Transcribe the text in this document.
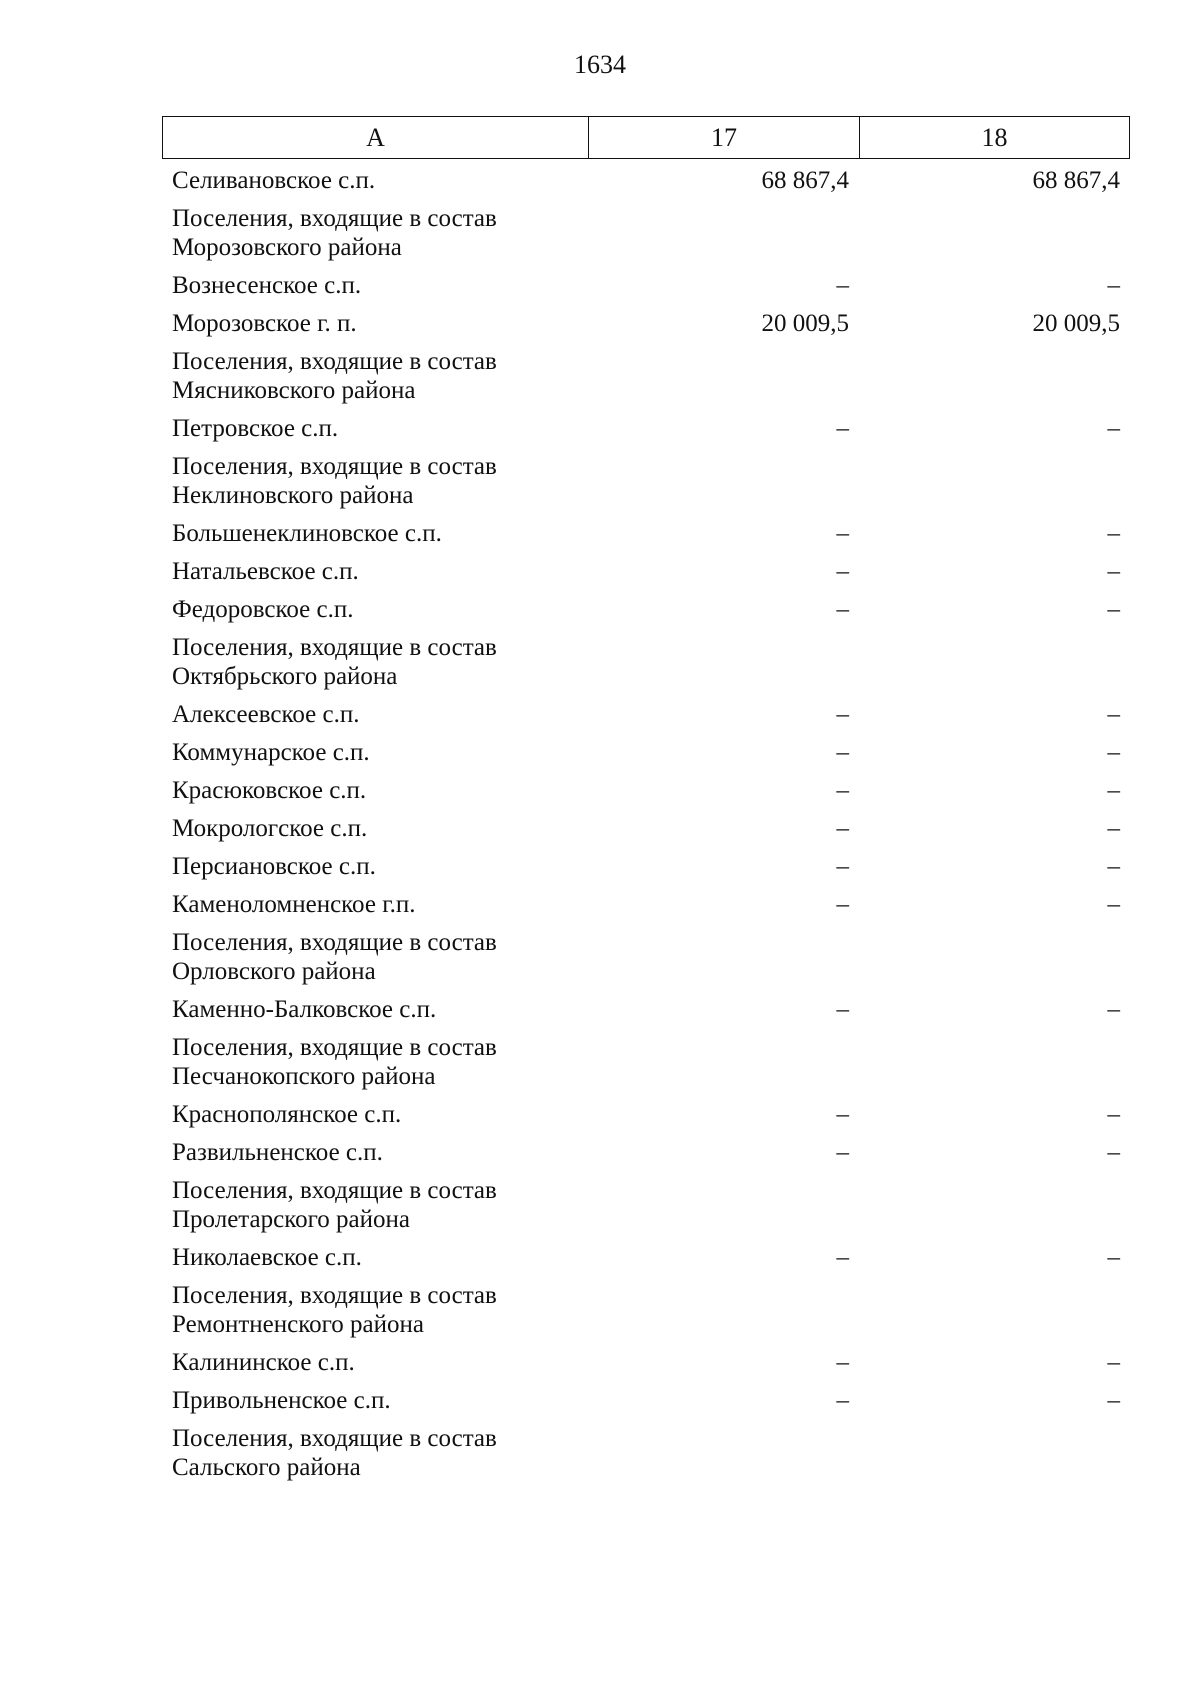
1634
А	17	18
Селивановское с.п.	68 867,4	68 867,4
Поселения, входящие в состав
Морозовского района
Вознесенское с.п.	–	–
Морозовское г. п.	20 009,5	20 009,5
Поселения, входящие в состав
Мясниковского района
Петровское с.п.	–	–
Поселения, входящие в состав
Неклиновского района
Большенеклиновское с.п.	–	–
Натальевское с.п.	–	–
Федоровское с.п.	–	–
Поселения, входящие в состав
Октябрьского района
Алексеевское с.п.	–	–
Коммунарское с.п.	–	–
Красюковское с.п.	–	–
Мокрологское с.п.	–	–
Персиановское с.п.	–	–
Каменоломненское г.п.	–	–
Поселения, входящие в состав
Орловского района
Каменно-Балковское с.п.	–	–
Поселения, входящие в состав
Песчанокопского района
Краснополянское с.п.	–	–
Развильненское с.п.	–	–
Поселения, входящие в состав
Пролетарского района
Николаевское с.п.	–	–
Поселения, входящие в состав
Ремонтненского района
Калининское с.п.	–	–
Привольненское с.п.	–	–
Поселения, входящие в состав
Сальского района
